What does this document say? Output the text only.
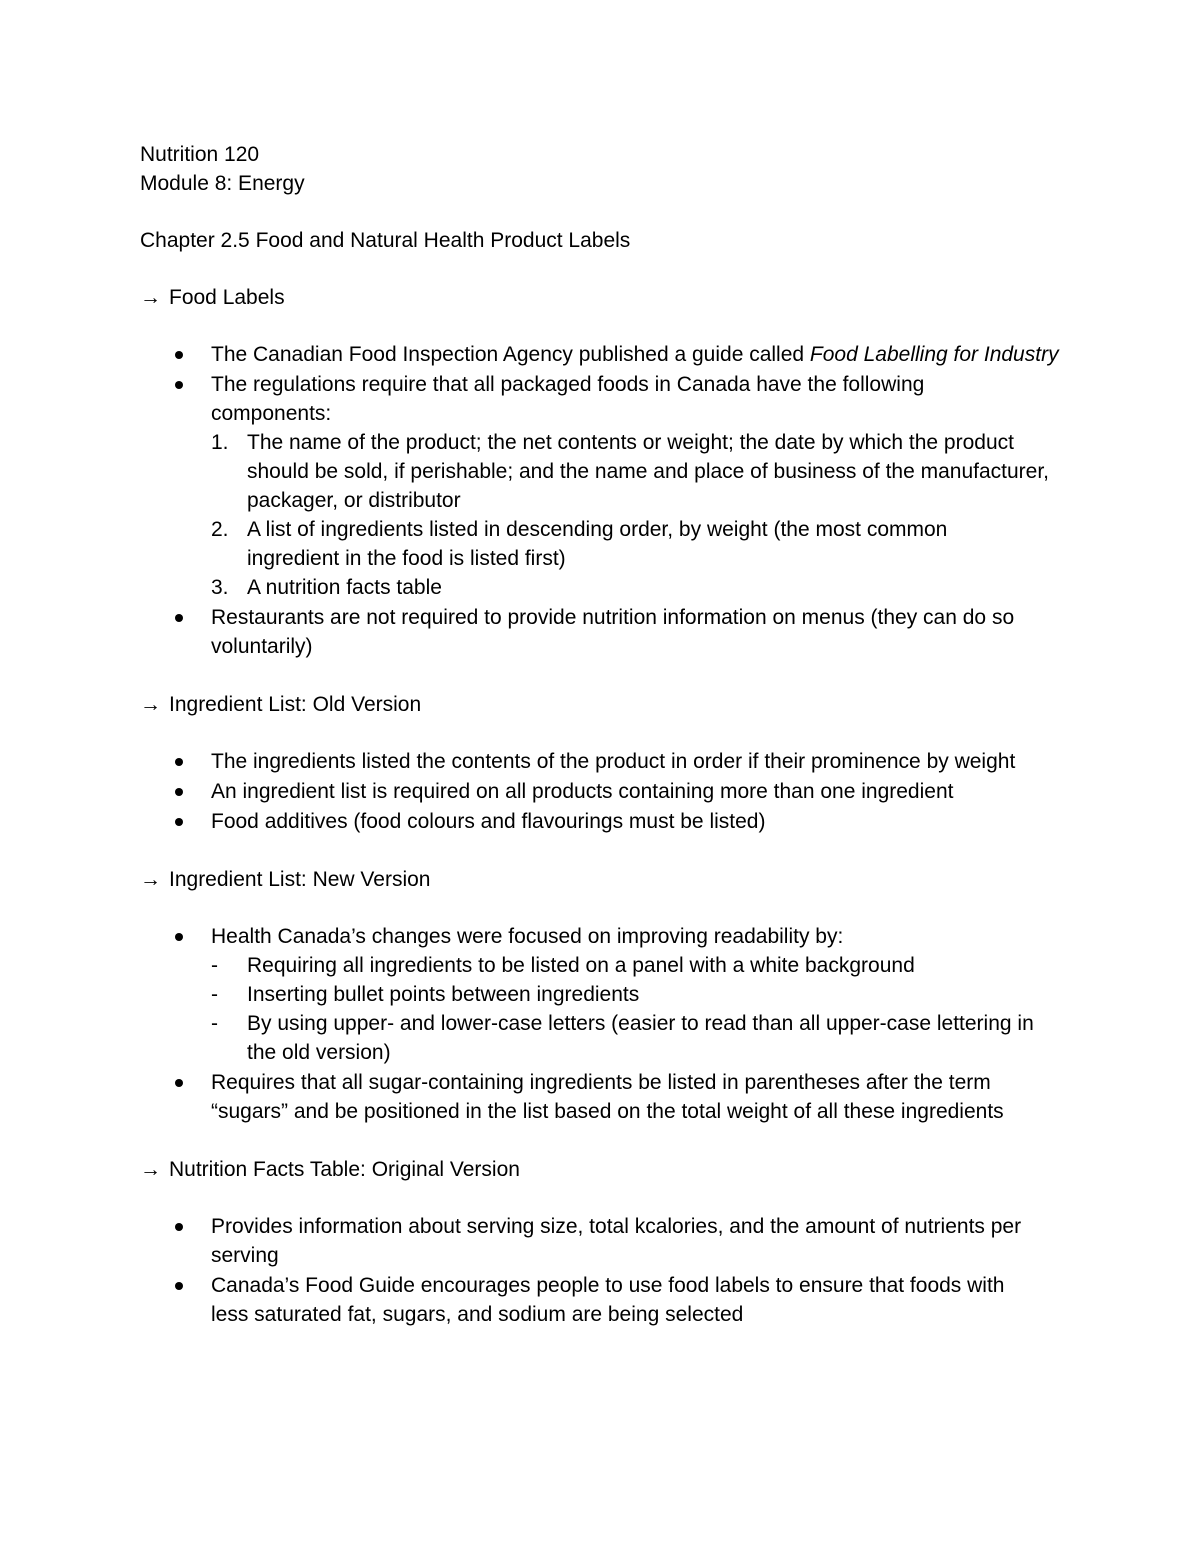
Nutrition 120
Module 8: Energy
Chapter 2.5 Food and Natural Health Product Labels
→ Food Labels
The Canadian Food Inspection Agency published a guide called Food Labelling for Industry
The regulations require that all packaged foods in Canada have the following components:
1. The name of the product; the net contents or weight; the date by which the product should be sold, if perishable; and the name and place of business of the manufacturer, packager, or distributor
2. A list of ingredients listed in descending order, by weight (the most common ingredient in the food is listed first)
3. A nutrition facts table
Restaurants are not required to provide nutrition information on menus (they can do so voluntarily)
→ Ingredient List: Old Version
The ingredients listed the contents of the product in order if their prominence by weight
An ingredient list is required on all products containing more than one ingredient
Food additives (food colours and flavourings must be listed)
→ Ingredient List: New Version
Health Canada’s changes were focused on improving readability by:
- Requiring all ingredients to be listed on a panel with a white background
- Inserting bullet points between ingredients
- By using upper- and lower-case letters (easier to read than all upper-case lettering in the old version)
Requires that all sugar-containing ingredients be listed in parentheses after the term “sugars” and be positioned in the list based on the total weight of all these ingredients
→ Nutrition Facts Table: Original Version
Provides information about serving size, total kcalories, and the amount of nutrients per serving
Canada’s Food Guide encourages people to use food labels to ensure that foods with less saturated fat, sugars, and sodium are being selected
